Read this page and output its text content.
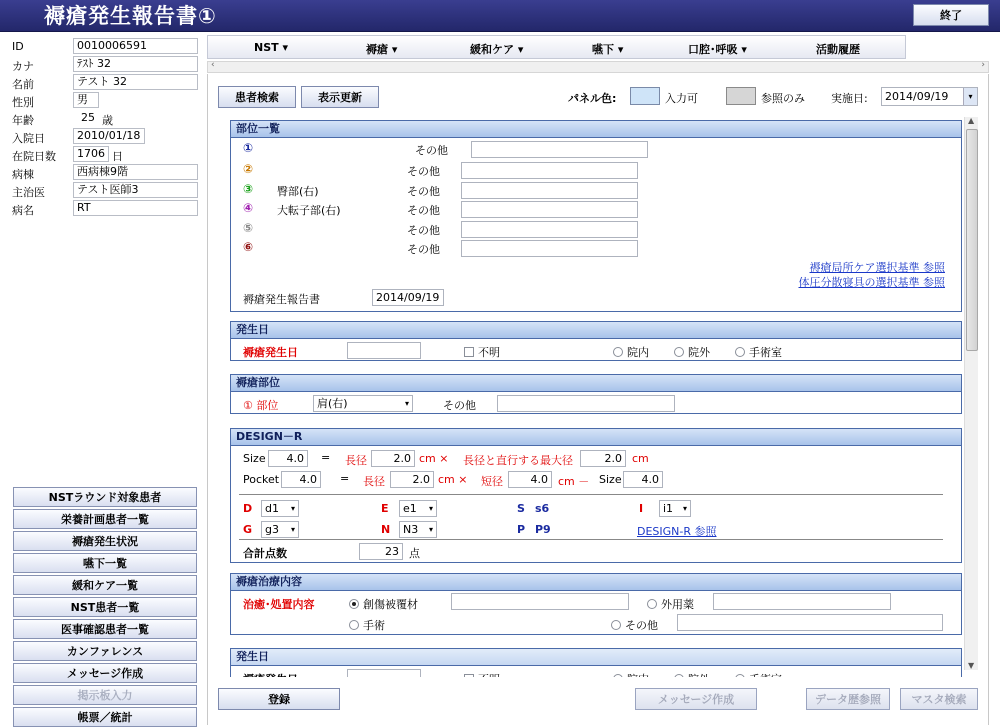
褥瘡発生報告書①	終了
ID	0010006591
カナ	ﾃｽﾄ 32
名前	テスト 32
性別	男
年齢	25 歳
入院日	2010/01/18
在院日数	1706 日
病棟	西病棟9階
主治医	テスト医師3
病名	RT
NSTラウンド対象患者
栄養計画患者一覧
褥瘡発生状況
嚥下一覧
緩和ケア一覧
NST患者一覧
医事確認患者一覧
カンファレンス
メッセージ作成
掲示板入力
帳票／統計
NST ▾	褥瘡 ▾	緩和ケア ▾	嚥下 ▾	口腔･呼吸 ▾	活動履歴
‹	›
患者検索	表示更新	パネル色:	入力可	参照のみ 実施日:	2014/09/19	▾
部位一覧
①	その他
②	その他
③ 臀部(右)	その他
④ 大転子部(右)	その他
⑤	その他
⑥	その他
褥瘡局所ケア選択基準 参照
体圧分散寝具の選択基準 参照
褥瘡発生報告書	2014/09/19
発生日
褥瘡発生日	不明	院内	院外	手術室
褥瘡部位
① 部位	肩(右)	▾	その他
DESIGN－R
Size	4.0	= 長径	2.0 cm × 長径と直行する最大径	2.0 cm
Pocket	4.0	= 長径	2.0 cm × 短径	4.0 cm － Size	4.0
D	d1 ▾	E	e1 ▾	S s6	I	i1 ▾
G	g3 ▾	N	N3 ▾	P P9	DESIGN-R 参照
合計点数	23 点
褥瘡治療内容
治癒･処置内容	創傷被覆材	外用薬
手術	その他
発生日
登録	メッセージ作成	データ歴参照	マスタ検索
▲
▼
